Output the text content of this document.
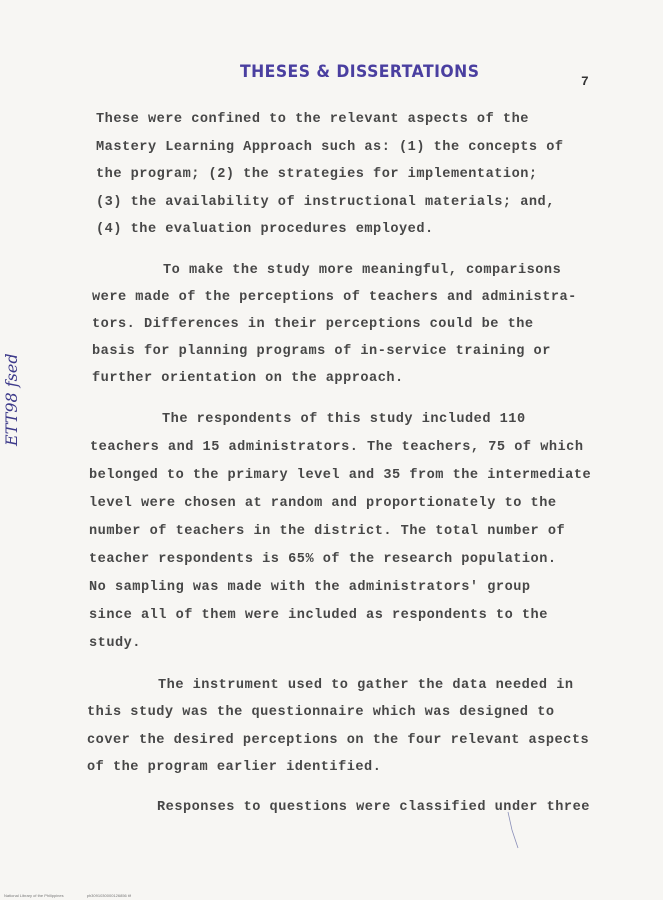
THESES & DISSERTATIONS	7
ETT98 fsed
These were confined to the relevant aspects of the
Mastery Learning Approach such as: (1) the concepts of
the program; (2) the strategies for implementation;
(3) the availability of instructional materials; and,
(4) the evaluation procedures employed.
To make the study more meaningful, comparisons
were made of the perceptions of teachers and administra-
tors. Differences in their perceptions could be the
basis for planning programs of in-service training or
further orientation on the approach.
The respondents of this study included 110
teachers and 15 administrators. The teachers, 75 of which
belonged to the primary level and 35 from the intermediate
level were chosen at random and proportionately to the
number of teachers in the district. The total number of
teacher respondents is 65% of the research population.
No sampling was made with the administrators' group
since all of them were included as respondents to the
study.
The instrument used to gather the data needed in
this study was the questionnaire which was designed to
cover the desired perceptions on the four relevant aspects
of the program earlier identified.
Responses to questions were classified under three
National Library of the Philippines	ph3091030000126856 tif
